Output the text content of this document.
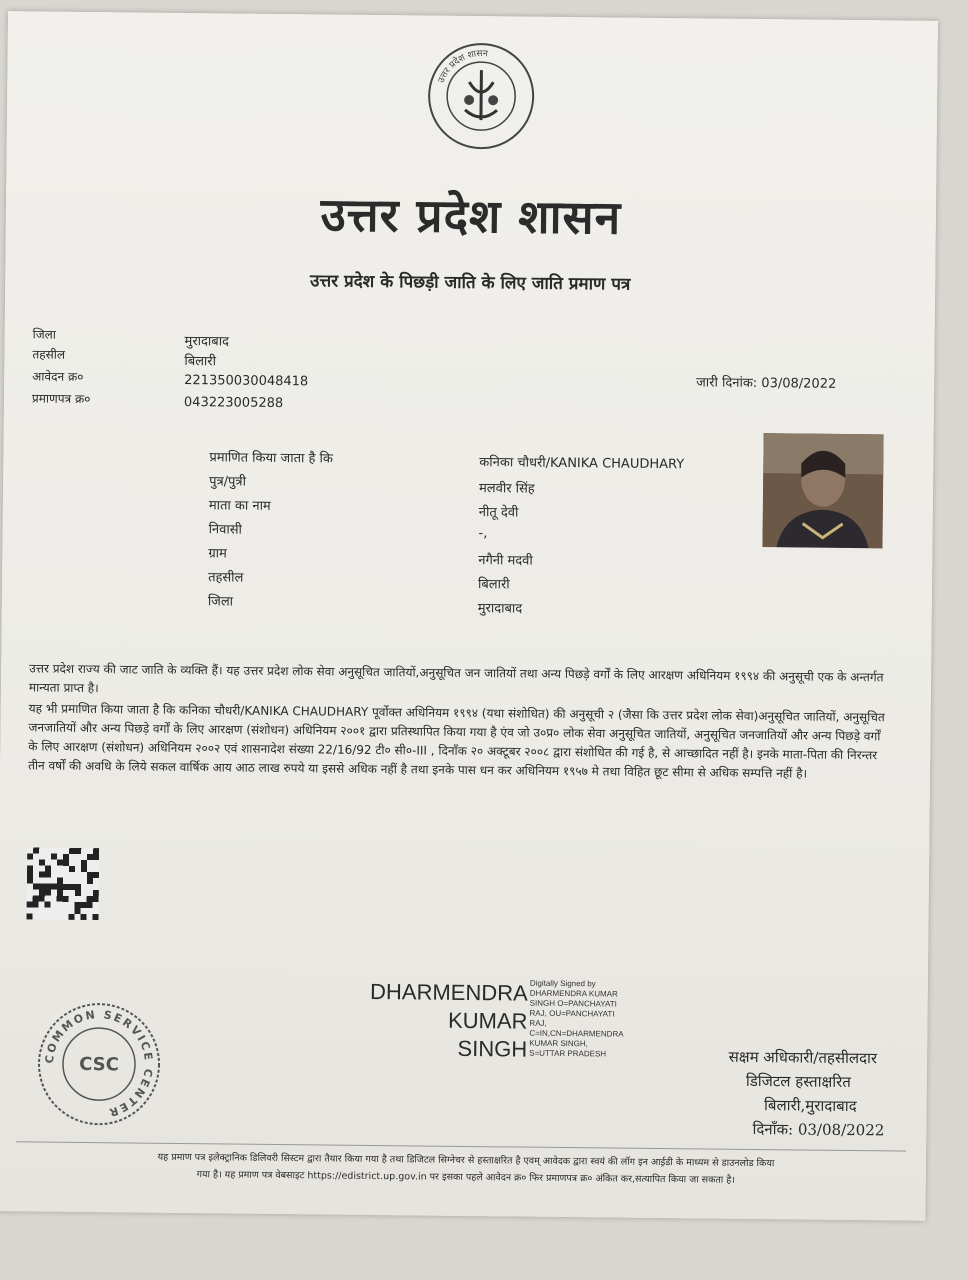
उत्तर प्रदेश शासन
उत्तर प्रदेश शासन
उत्तर प्रदेश के पिछड़ी जाति के लिए जाति प्रमाण पत्र
जिला	मुरादाबाद
तहसील	बिलारी
आवेदन क्र०	221350030048418
प्रमाणपत्र क्र०	043223005288
जारी दिनांक: 03/08/2022
प्रमाणित किया जाता है कि	कनिका चौधरी/KANIKA CHAUDHARY
पुत्र/पुत्री	मलवीर सिंह
माता का नाम	नीतू देवी
निवासी	-,
ग्राम	नगैनी मदवी
तहसील	बिलारी
जिला	मुरादाबाद
उत्तर प्रदेश राज्य की जाट जाति के व्यक्ति हैं। यह उत्तर प्रदेश लोक सेवा अनुसूचित जातियों,अनुसूचित जन जातियों तथा अन्य पिछड़े वर्गों के लिए आरक्षण अधिनियम १९९४ की अनुसूची एक के अन्तर्गत मान्यता प्राप्त है।
यह भी प्रमाणित किया जाता है कि कनिका चौधरी/KANIKA CHAUDHARY पूर्वोक्त अधिनियम १९९४ (यथा संशोधित) की अनुसूची २ (जैसा कि उत्तर प्रदेश लोक सेवा)अनुसूचित जातियों, अनुसूचित जनजातियों और अन्य पिछड़े वर्गों के लिए आरक्षण (संशोधन) अधिनियम २००१ द्वारा प्रतिस्थापित किया गया है एंव जो उ०प्र० लोक सेवा अनुसूचित जातियों, अनुसूचित जनजातियों और अन्य पिछड़े वर्गों के लिए आरक्षण (संशोधन) अधिनियम २००२ एवं शासनादेश संख्या 22/16/92 टी० सी०-III , दिनाँक २० अक्टूबर २००८ द्वारा संशोधित की गई है, से आच्छादित नहीं है। इनके माता-पिता की निरन्तर तीन वर्षों की अवधि के लिये सकल वार्षिक आय आठ लाख रुपये या इससे अधिक नहीं है तथा इनके पास धन कर अधिनियम १९५७ मे तथा विहित छूट सीमा से अधिक सम्पत्ति नहीं है।
DHARMENDRA
KUMAR
SINGH
Digitally Signed by
DHARMENDRA KUMAR
SINGH O=PANCHAYATI
RAJ, OU=PANCHAYATI
RAJ,
C=IN,CN=DHARMENDRA
KUMAR SINGH,
S=UTTAR PRADESH	सक्षम अधिकारी/तहसीलदार
डिजिटल हस्ताक्षरित
बिलारी,मुरादाबाद
दिनाँक: 03/08/2022
COMMON SERVICE CENTER
CSC
यह प्रमाण पत्र इलेक्ट्रानिक डिलिवरी सिस्टम द्वारा तैयार किया गया है तथा डिजिटल सिग्नेचर से हस्ताक्षरित है एवम् आवेदक द्वारा स्वयं की लॉग इन आई़डी के माध्यम से डाउनलोड किया
गया है। यह प्रमाण पत्र वेबसाइट https://edistrict.up.gov.in पर इसका पहले आवेदन क्र० फिर प्रमाणपत्र क्र० अंकित कर,सत्यापित किया जा सकता है।
